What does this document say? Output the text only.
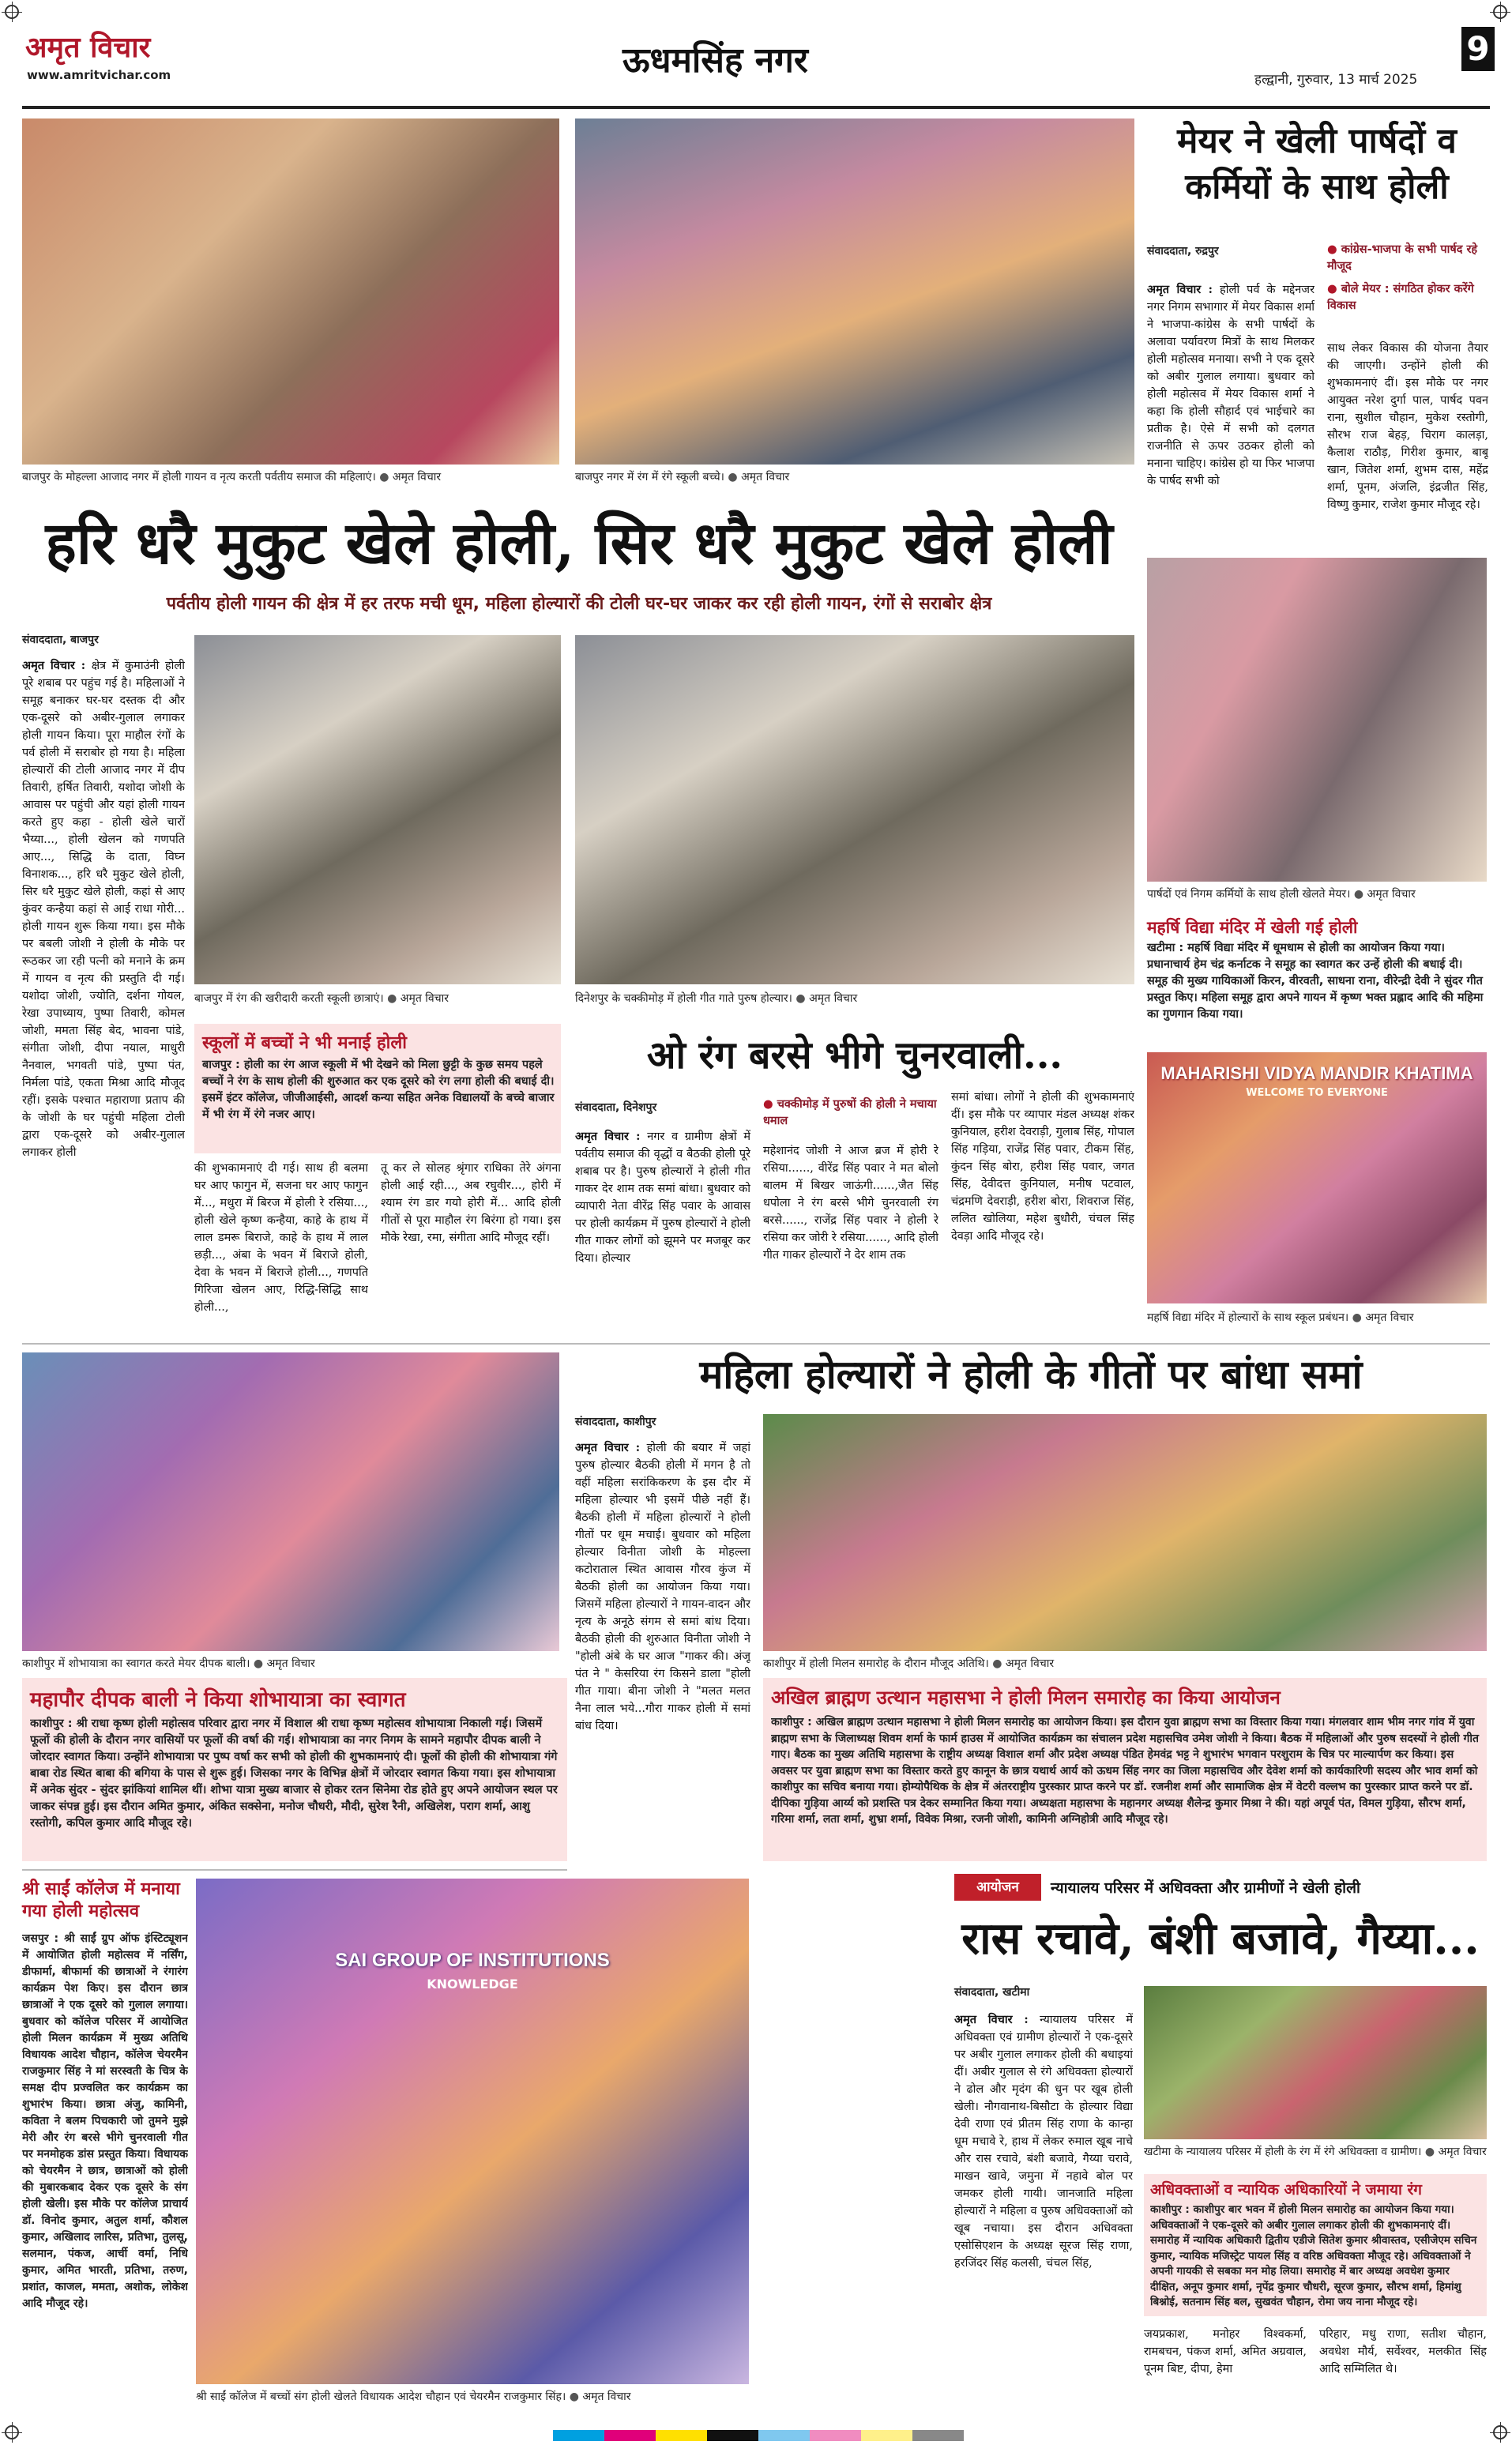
अमृत विचार
www.amritvichar.com	ऊधमसिंह नगर	हल्द्वानी, गुरुवार, 13 मार्च 2025
9
बाजपुर के मोहल्ला आजाद नगर में होली गायन व नृत्य करती पर्वतीय समाज की महिलाएं। ● अमृत विचार	बाजपुर नगर में रंग में रंगे स्कूली बच्चे। ● अमृत विचार
मेयर ने खेली पार्षदों व कर्मियों के साथ होली
संवाददाता, रुद्रपुर	● कांग्रेस-भाजपा के सभी पार्षद रहे मौजूद
● बोले मेयर : संगठित होकर करेंगे विकास
अमृत विचार : होली पर्व के मद्देनजर नगर निगम सभागार में मेयर विकास शर्मा ने भाजपा-कांग्रेस के सभी पार्षदों के अलावा पर्यावरण मित्रों के साथ मिलकर होली महोत्सव मनाया। सभी ने एक दूसरे को अबीर गुलाल लगाया। बुधवार को होली महोत्सव में मेयर विकास शर्मा ने कहा कि होली सौहार्द एवं भाईचारे का प्रतीक है। ऐसे में सभी को दलगत राजनीति से ऊपर उठकर होली को मनाना चाहिए। कांग्रेस हो या फिर भाजपा के पार्षद सभी को
साथ लेकर विकास की योजना तैयार की जाएगी। उन्होंने होली की शुभकामनाएं दीं। इस मौके पर नगर आयुक्त नरेश दुर्गा पाल, पार्षद पवन राना, सुशील चौहान, मुकेश रस्तोगी, सौरभ राज बेहड़, चिराग कालड़ा, कैलाश राठौड़, गिरीश कुमार, बाबू खान, जितेश शर्मा, शुभम दास, महेंद्र शर्मा, पूनम, अंजलि, इंद्रजीत सिंह, विष्णु कुमार, राजेश कुमार मौजूद रहे।
पार्षदों एवं निगम कर्मियों के साथ होली खेलते मेयर। ● अमृत विचार
हरि धरै मुकुट खेले होली, सिर धरै मुकुट खेले होली
पर्वतीय होली गायन की क्षेत्र में हर तरफ मची धूम, महिला होल्यारों की टोली घर-घर जाकर कर रही होली गायन, रंगों से सराबोर क्षेत्र
संवाददाता, बाजपुर
अमृत विचार : क्षेत्र में कुमाउंनी होली पूरे शबाब पर पहुंच गई है। महिलाओं ने समूह बनाकर घर-घर दस्तक दी और एक-दूसरे को अबीर-गुलाल लगाकर होली गायन किया। पूरा माहौल रंगों के पर्व होली में सराबोर हो गया है। महिला होल्यारों की टोली आजाद नगर में दीप तिवारी, हर्षित तिवारी, यशोदा जोशी के आवास पर पहुंची और यहां होली गायन करते हुए कहा - होली खेले चारों भैय्या..., होली खेलन को गणपति आए..., सिद्धि के दाता, विघ्न विनाशक..., हरि धरै मुकुट खेले होली, सिर धरै मुकुट खेले होली, कहां से आए कुंवर कन्हैया कहां से आई राधा गोरी... होली गायन शुरू किया गया। इस मौके पर बबली जोशी ने होली के मौके पर रूठकर जा रही पत्नी को मनाने के क्रम में गायन व नृत्य की प्रस्तुति दी गई। यशोदा जोशी, ज्योति, दर्शना गोयल, रेखा उपाध्याय, पुष्पा तिवारी, कोमल जोशी, ममता सिंह बेद, भावना पांडे, संगीता जोशी, दीपा नयाल, माधुरी नैनवाल, भगवती पांडे, पुष्पा पंत, निर्मला पांडे, एकता मिश्रा आदि मौजूद रहीं। इसके पश्चात महाराणा प्रताप की के जोशी के घर पहुंची महिला टोली द्वारा एक-दूसरे को अबीर-गुलाल लगाकर होली
बाजपुर में रंग की खरीदारी करती स्कूली छात्राएं। ● अमृत विचार	दिनेशपुर के चक्कीमोड़ में होली गीत गाते पुरुष होल्यार। ● अमृत विचार
स्कूलों में बच्चों ने भी मनाई होली
बाजपुर : होली का रंग आज स्कूली में भी देखने को मिला छुट्टी के कुछ समय पहले बच्चों ने रंग के साथ होली की शुरुआत कर एक दूसरे को रंग लगा होली की बधाई दी। इसमें इंटर कॉलेज, जीजीआईसी, आदर्श कन्या सहित अनेक विद्यालयों के बच्चे बाजार में भी रंग में रंगे नजर आए।
की शुभकामनाएं दी गई। साथ ही बलमा घर आए फागुन में, सजना घर आए फागुन में..., मथुरा में बिरज में होली रे रसिया..., होली खेले कृष्ण कन्हैया, काहे के हाथ में लाल डमरू बिराजे, काहे के हाथ में लाल छड़ी..., अंबा के भवन में बिराजे होली, देवा के भवन में बिराजे होली..., गणपति गिरिजा खेलन आए, रिद्धि-सिद्धि साथ होली...,
तू कर ले सोलह श्रृंगार राधिका तेरे अंगना होली आई रही..., अब रघुवीर..., होरी में श्याम रंग डार गयो होरी में... आदि होली गीतों से पूरा माहौल रंग बिरंगा हो गया। इस मौके रेखा, रमा, संगीता आदि मौजूद रहीं।
ओ रंग बरसे भीगे चुनरवाली...
संवाददाता, दिनेशपुर	● चक्कीमोड़ में पुरुषों की होली ने मचाया धमाल
अमृत विचार : नगर व ग्रामीण क्षेत्रों में पर्वतीय समाज की वृद्धों व बैठकी होली पूरे शबाब पर है। पुरुष होल्यारों ने होली गीत गाकर देर शाम तक समां बांधा। बुधवार को व्यापारी नेता वीरेंद्र सिंह पवार के आवास पर होली कार्यक्रम में पुरुष होल्यारों ने होली गीत गाकर लोगों को झूमने पर मजबूर कर दिया। होल्यार
महेशानंद जोशी ने आज ब्रज में होरी रे रसिया......, वीरेंद्र सिंह पवार ने मत बोलो बालम में बिखर जाऊंगी......,जैत सिंह धपोला ने रंग बरसे भीगे चुनरवाली रंग बरसे......, राजेंद्र सिंह पवार ने होली रे रसिया कर जोरी रे रसिया......, आदि होली गीत गाकर होल्यारों ने देर शाम तक
समां बांधा। लोगों ने होली की शुभकामनाएं दीं। इस मौके पर व्यापार मंडल अध्यक्ष शंकर कुनियाल, हरीश देवराड़ी, गुलाब सिंह, गोपाल सिंह गड़िया, राजेंद्र सिंह पवार, टीकम सिंह, कुंदन सिंह बोरा, हरीश सिंह पवार, जगत सिंह, देवीदत्त कुनियाल, मनीष पटवाल, चंद्रमणि देवराड़ी, हरीश बोरा, शिवराज सिंह, ललित खोलिया, महेश बुधौरी, चंचल सिंह देवड़ा आदि मौजूद रहे।
महर्षि विद्या मंदिर में खेली गई होली
खटीमा : महर्षि विद्या मंदिर में धूमधाम से होली का आयोजन किया गया। प्रधानाचार्य हेम चंद्र कर्नाटक ने समूह का स्वागत कर उन्हें होली की बधाई दी। समूह की मुख्य गायिकाओं किरन, वीरवती, साधना राना, वीरेन्द्री देवी ने सुंदर गीत प्रस्तुत किए। महिला समूह द्वारा अपने गायन में कृष्ण भक्त प्रह्लाद आदि की महिमा का गुणगान किया गया।
MAHARISHI VIDYA MANDIR KHATIMA
WELCOME TO EVERYONE
महर्षि विद्या मंदिर में होल्यारों के साथ स्कूल प्रबंधन। ● अमृत विचार
काशीपुर में शोभायात्रा का स्वागत करते मेयर दीपक बाली। ● अमृत विचार
महिला होल्यारों ने होली के गीतों पर बांधा समां
संवाददाता, काशीपुर
अमृत विचार : होली की बयार में जहां पुरुष होल्यार बैठकी होली में मगन है तो वहीं महिला सरांकिकरण के इस दौर में महिला होल्यार भी इसमें पीछे नहीं हैं। बैठकी होली में महिला होल्यारों ने होली गीतों पर धूम मचाई। बुधवार को महिला होल्यार विनीता जोशी के मोहल्ला कटोराताल स्थित आवास गौरव कुंज में बैठकी होली का आयोजन किया गया। जिसमें महिला होल्यारों ने गायन-वादन और नृत्य के अनूठे संगम से समां बांध दिया। बैठकी होली की शुरुआत विनीता जोशी ने "होली अंबे के घर आज "गाकर की। अंजू पंत ने " केसरिया रंग किसने डाला "होली गीत गाया। बीना जोशी ने "मलत मलत नैना लाल भये...गौरा गाकर होली में समां बांध दिया।
काशीपुर में होली मिलन समारोह के दौरान मौजूद अतिथि। ● अमृत विचार
महापौर दीपक बाली ने किया शोभायात्रा का स्वागत
काशीपुर : श्री राधा कृष्ण होली महोत्सव परिवार द्वारा नगर में विशाल श्री राधा कृष्ण महोत्सव शोभायात्रा निकाली गई। जिसमें फूलों की होली के दौरान नगर वासियों पर फूलों की वर्षा की गई। शोभायात्रा का नगर निगम के सामने महापौर दीपक बाली ने जोरदार स्वागत किया। उन्होंने शोभायात्रा पर पुष्प वर्षा कर सभी को होली की शुभकामनाएं दी। फूलों की होली की शोभायात्रा गंगे बाबा रोड स्थित बाबा की बगिया के पास से शुरू हुई। जिसका नगर के विभिन्न क्षेत्रों में जोरदार स्वागत किया गया। इस शोभायात्रा में अनेक सुंदर - सुंदर झांकियां शामिल थीं। शोभा यात्रा मुख्य बाजार से होकर रतन सिनेमा रोड होते हुए अपने आयोजन स्थल पर जाकर संपन्न हुई। इस दौरान अमित कुमार, अंकित सक्सेना, मनोज चौधरी, मौदी, सुरेश रैनी, अखिलेश, पराग शर्मा, आशु रस्तोगी, कपिल कुमार आदि मौजूद रहे।
अखिल ब्राह्मण उत्थान महासभा ने होली मिलन समारोह का किया आयोजन
काशीपुर : अखिल ब्राह्मण उत्थान महासभा ने होली मिलन समारोह का आयोजन किया। इस दौरान युवा ब्राह्मण सभा का विस्तार किया गया। मंगलवार शाम भीम नगर गांव में युवा ब्राह्मण सभा के जिलाध्यक्ष शिवम शर्मा के फार्म हाउस में आयोजित कार्यक्रम का संचालन प्रदेश महासचिव उमेश जोशी ने किया। बैठक में महिलाओं और पुरुष सदस्यों ने होली गीत गाए। बैठक का मुख्य अतिथि महासभा के राष्ट्रीय अध्यक्ष विशाल शर्मा और प्रदेश अध्यक्ष पंडित हेमवंद्र भट्ट ने शुभारंभ भगवान परशुराम के चित्र पर माल्यार्पण कर किया। इस अवसर पर युवा ब्राह्मण सभा का विस्तार करते हुए कानून के छात्र यथार्थ आर्य को ऊधम सिंह नगर का जिला महासचिव और देवेश शर्मा को कार्यकारिणी सदस्य और भाव शर्मा को काशीपुर का सचिव बनाया गया। होम्योपैथिक के क्षेत्र में अंतरराष्ट्रीय पुरस्कार प्राप्त करने पर डॉ. रजनीश शर्मा और सामाजिक क्षेत्र में वेटरी वल्लभ का पुरस्कार प्राप्त करने पर डॉ. दीपिका गुड़िया आर्य्य को प्रशस्ति पत्र देकर सम्मानित किया गया। अध्यक्षता महासभा के महानगर अध्यक्ष शैलेन्द्र कुमार मिश्रा ने की। यहां अपूर्व पंत, विमल गुड़िया, सौरभ शर्मा, गरिमा शर्मा, लता शर्मा, शुभ्रा शर्मा, विवेक मिश्रा, रजनी जोशी, कामिनी अग्निहोत्री आदि मौजूद रहे।
श्री साईं कॉलेज में मनाया गया होली महोत्सव
जसपुर : श्री साईं ग्रुप ऑफ इंस्टिट्यूशन में आयोजित होली महोत्सव में नर्सिंग, डीफार्मा, बीफार्मा की छात्राओं ने रंगारंग कार्यक्रम पेश किए। इस दौरान छात्र छात्राओं ने एक दूसरे को गुलाल लगाया। बुधवार को कॉलेज परिसर में आयोजित होली मिलन कार्यक्रम में मुख्य अतिथि विधायक आदेश चौहान, कॉलेज चेयरमैन राजकुमार सिंह ने मां सरस्वती के चित्र के समक्ष दीप प्रज्वलित कर कार्यक्रम का शुभारंभ किया। छात्रा अंजु, कामिनी, कविता ने बलम पिचकारी जो तुमने मुझे मेरी और रंग बरसे भीगे चुनरवाली गीत पर मनमोहक डांस प्रस्तुत किया। विधायक को चेयरमैन ने छात्र, छात्राओं को होली की मुबारकबाद देकर एक दूसरे के संग होली खेली। इस मौके पर कॉलेज प्राचार्य डॉ. विनोद कुमार, अतुल शर्मा, कौशल कुमार, अखिलाद लारिस, प्रतिभा, तुलसू, सलमान, पंकज, आर्ची वर्मा, निधि कुमार, अमित भारती, प्रतिभा, तरुण, प्रशांत, काजल, ममता, अशोक, लोकेश आदि मौजूद रहे।
SAI GROUP OF INSTITUTIONS
KNOWLEDGE
श्री साईं कॉलेज में बच्चों संग होली खेलते विधायक आदेश चौहान एवं चेयरमैन राजकुमार सिंह। ● अमृत विचार
आयोजन	न्यायालय परिसर में अधिवक्ता और ग्रामीणों ने खेली होली
रास रचावे, बंशी बजावे, गैय्या...
संवाददाता, खटीमा
अमृत विचार : न्यायालय परिसर में अधिवक्ता एवं ग्रामीण होल्यारों ने एक-दूसरे पर अबीर गुलाल लगाकर होली की बधाइयां दीं। अबीर गुलाल से रंगे अधिवक्ता होल्यारों ने ढोल और मृदंग की धुन पर खूब होली खेली। नौगवानाथ-बिसौटा के होल्यार विद्या देवी राणा एवं प्रीतम सिंह राणा के कान्हा धूम मचावे रे, हाथ में लेकर रुमाल खूब नाचे और रास रचावे, बंशी बजावे, गैय्या चरावे, माखन खावे, जमुना में नहावे बोल पर जमकर होली गायी। जानजाति महिला होल्यारों ने महिला व पुरुष अधिवक्ताओं को खूब नचाया। इस दौरान अधिवक्ता एसोसिएशन के अध्यक्ष सूरज सिंह राणा, हरजिंदर सिंह कलसी, चंचल सिंह,
खटीमा के न्यायालय परिसर में होली के रंग में रंगे अधिवक्ता व ग्रामीण। ● अमृत विचार
अधिवक्ताओं व न्यायिक अधिकारियों ने जमाया रंग
काशीपुर : काशीपुर बार भवन में होली मिलन समारोह का आयोजन किया गया। अधिवक्ताओं ने एक-दूसरे को अबीर गुलाल लगाकर होली की शुभकामनाएं दीं। समारोह में न्यायिक अधिकारी द्वितीय एडीजे सितेश कुमार श्रीवास्तव, एसीजेएम सचिन कुमार, न्यायिक मजिस्ट्रेट पायल सिंह व वरिष्ठ अधिवक्ता मौजूद रहे। अधिवक्ताओं ने अपनी गायकी से सबका मन मोह लिया। समारोह में बार अध्यक्ष अवधेश कुमार दीक्षित, अनूप कुमार शर्मा, नृपेंद्र कुमार चौधरी, सूरज कुमार, सौरभ शर्मा, हिमांशु बिश्नोई, सतनाम सिंह बल, सुखवंत चौहान, रोमा जय नाना मौजूद रहे।
जयप्रकाश, मनोहर विश्वकर्मा, रामबचन, पंकज शर्मा, अमित अग्रवाल, पूनम बिष्ट, दीपा, हेमा
परिहार, मधु राणा, सतीश चौहान, अवधेश मौर्य, सर्वेश्वर, मलकीत सिंह आदि सम्मिलित थे।
